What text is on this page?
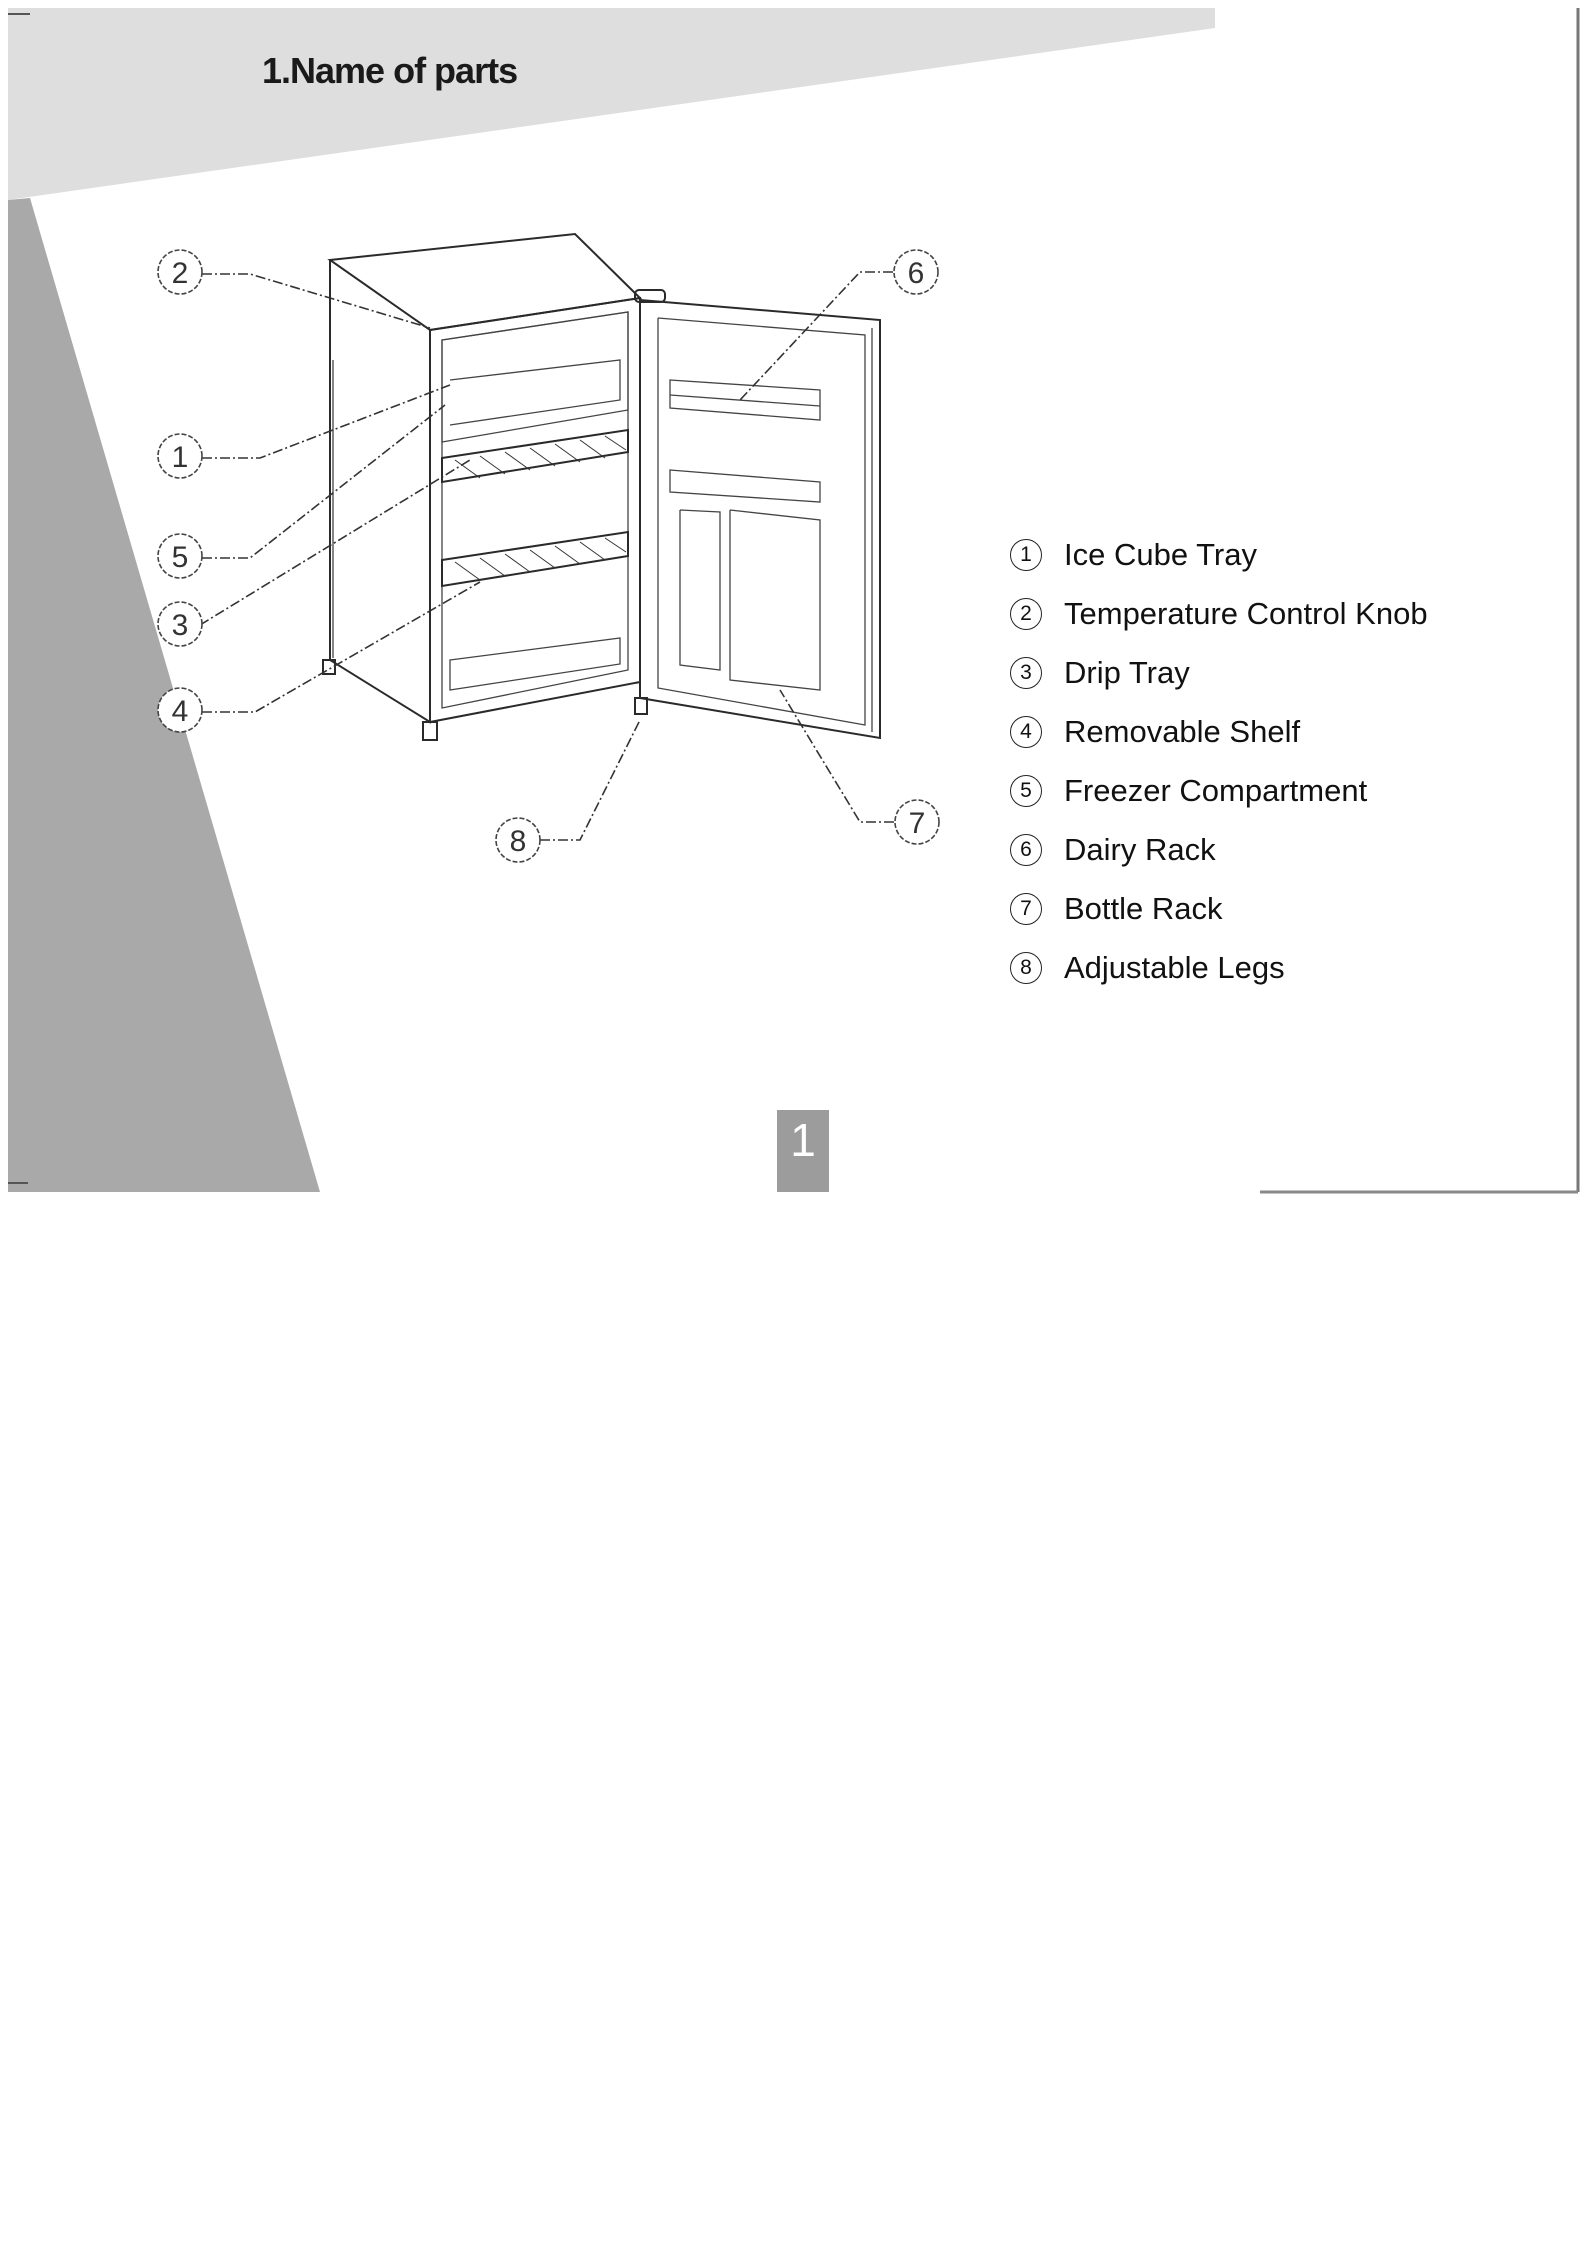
1.Name of parts
2
1
5
3
4
8
6
7
1	Ice Cube Tray
2	Temperature Control Knob
3	Drip Tray
4	Removable Shelf
5	Freezer Compartment
6	Dairy Rack
7	Bottle Rack
8	Adjustable Legs
1
